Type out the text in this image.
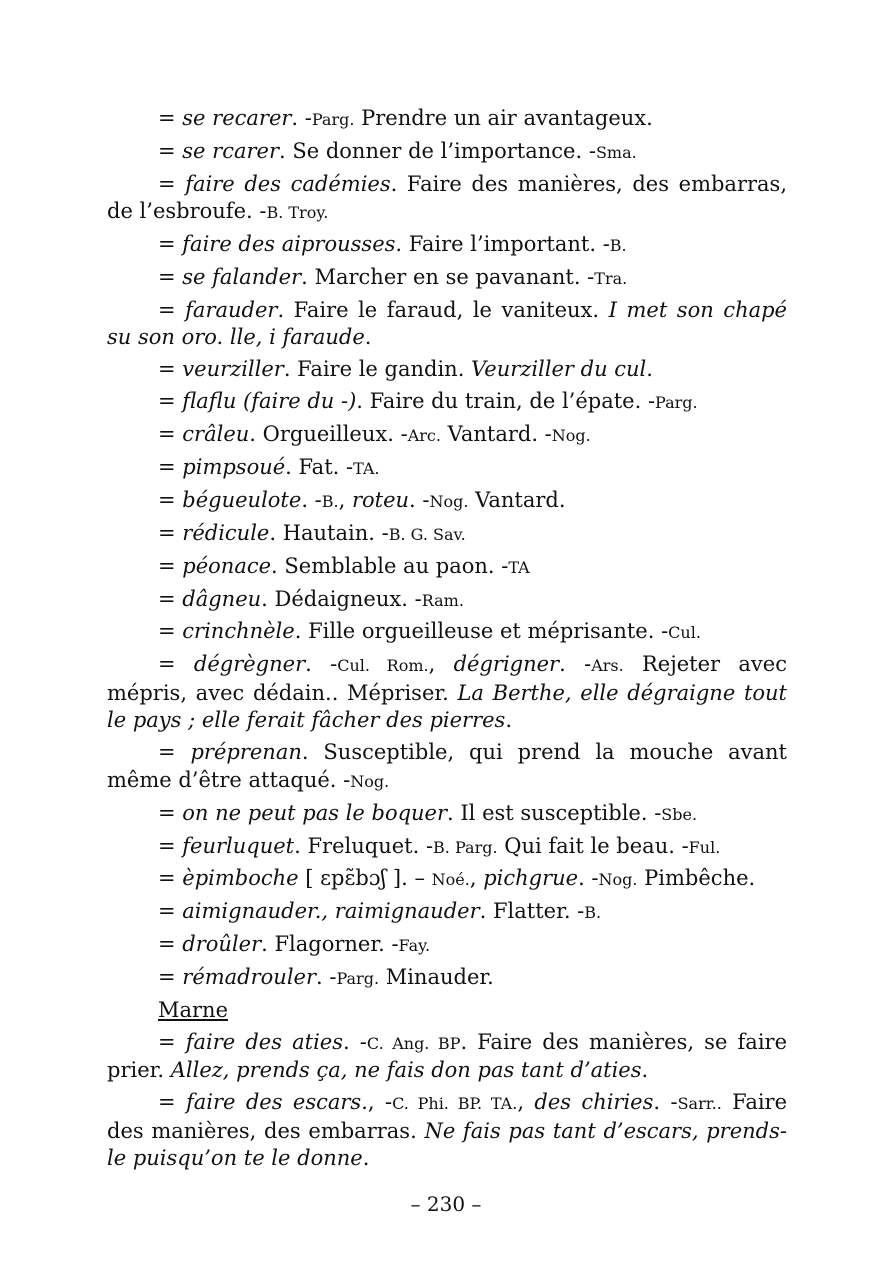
= se recarer. -Parg. Prendre un air avantageux.

= se rcarer. Se donner de l’importance. -Sma.

= faire des cadémies. Faire des manières, des embarras, de l’esbroufe. -B. Troy.

= faire des aiprousses. Faire l’important. -B.

= se falander. Marcher en se pavanant. -Tra.

= farauder. Faire le faraud, le vaniteux. I met son chapé su son oro. lle, i faraude.

= veurziller. Faire le gandin. Veurziller du cul.

= flaflu (faire du -). Faire du train, de l’épate. -Parg.

= crâleu. Orgueilleux. -Arc. Vantard. -Nog.

= pimpsoué. Fat. -TA.

= bégueulote. -B., roteu. -Nog. Vantard.

= rédicule. Hautain. -B. G. Sav.

= péonace. Semblable au paon. -TA

= dâgneu. Dédaigneux. -Ram.

= crinchnèle. Fille orgueilleuse et méprisante. -Cul.

= dégrègner. -Cul. Rom., dégrigner. -Ars. Rejeter avec mépris, avec dédain.. Mépriser. La Berthe, elle dégraigne tout le pays ; elle ferait fâcher des pierres.

= préprenan. Susceptible, qui prend la mouche avant même d’être attaqué. -Nog.

= on ne peut pas le boquer. Il est susceptible. -Sbe.

= feurluquet. Freluquet. -B. Parg. Qui fait le beau. -Ful.

= èpimboche [ ɛpɛ̃bɔʃ ]. – Noé., pichgrue. -Nog. Pimbêche.

= aimignauder., raimignauder. Flatter. -B.

= droûler. Flagorner. -Fay.

= rémadrouler. -Parg. Minauder.

Marne

= faire des aties. -C. Ang. BP. Faire des manières, se faire prier. Allez, prends ça, ne fais don pas tant d’aties.

= faire des escars., -C. Phi. BP. TA., des chiries. -Sarr.. Faire des manières, des embarras. Ne fais pas tant d’escars, prends-le puisqu’on te le donne.

– 230 –
